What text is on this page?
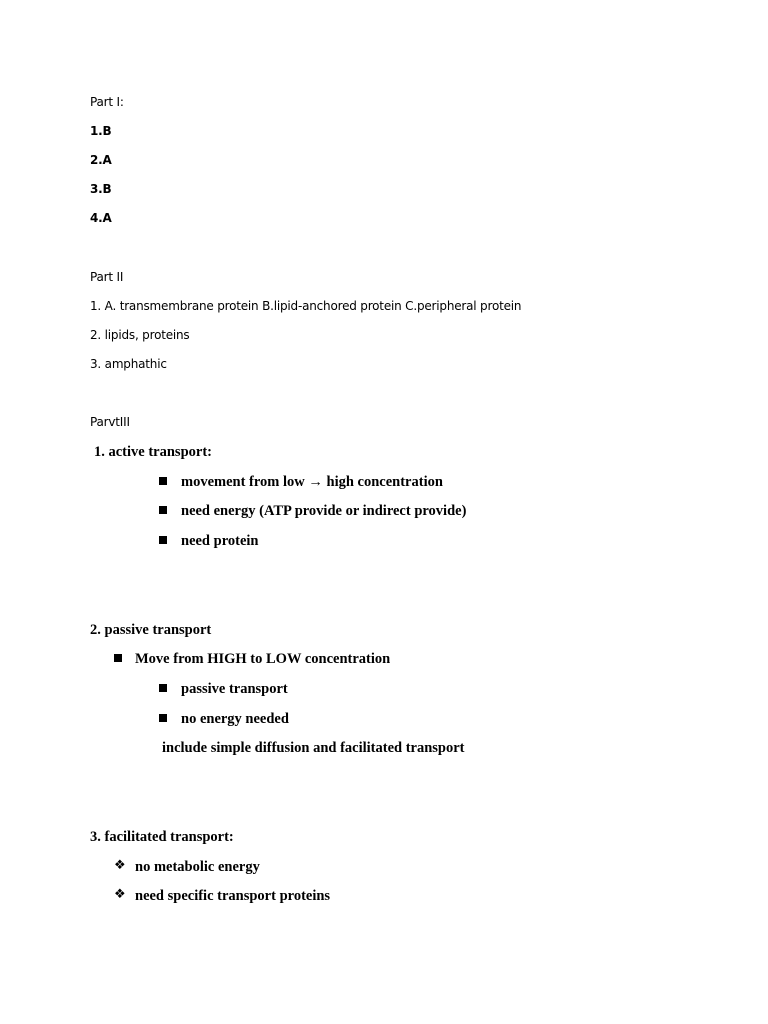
Part I:
1.B
2.A
3.B
4.A
Part II
1. A. transmembrane protein B.lipid-anchored protein C.peripheral protein
2. lipids, proteins
3. amphathic
ParvtIII
1. active transport:
movement from low → high concentration
need energy (ATP provide or indirect provide)
need protein
2. passive transport
Move from HIGH to LOW concentration
passive transport
no energy needed
include simple diffusion and facilitated transport
3. facilitated transport:
❖ no metabolic energy
❖ need specific transport proteins
